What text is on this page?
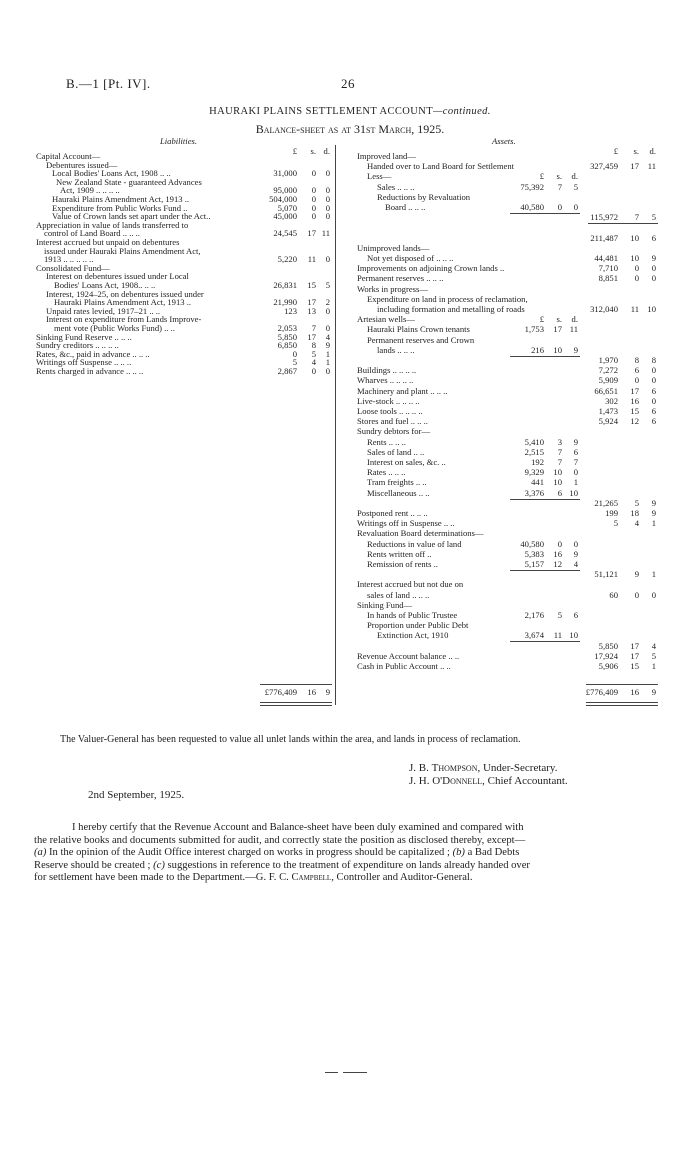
B.—1 [Pt. IV].	26
HAURAKI PLAINS SETTLEMENT ACCOUNT—continued.
Balance-sheet as at 31st March, 1925.
Liabilities.	Assets.
£	s. d.	£	s.	d.
Capital Account—
Debentures issued—
Local Bodies' Loans Act, 1908 .. ..	31,000	0	0
New Zealand State - guaranteed Advances
Act, 1909 .. .. .. ..	95,000	0	0
Hauraki Plains Amendment Act, 1913 ..	504,000	0	0
Expenditure from Public Works Fund ..	5,070	0	0
Value of Crown lands set apart under the Act..	45,000	0	0
Appreciation in value of lands transferred to
control of Land Board .. .. ..	24,545	17 11
Interest accrued but unpaid on debentures
issued under Hauraki Plains Amendment Act,
1913 .. .. .. .. ..	5,220	11	0
Consolidated Fund—
Interest on debentures issued under Local
Bodies' Loans Act, 1908.. .. ..	26,831	15	5
Interest, 1924–25, on debentures issued under
Hauraki Plains Amendment Act, 1913 ..	21,990	17	2
Unpaid rates levied, 1917–21 .. ..	123	13	0
Interest on expenditure from Lands Improve-
ment vote (Public Works Fund) .. ..	2,053	7	0
Sinking Fund Reserve .. .. ..	5,850	17	4
Sundry creditors .. .. .. ..	6,850	8	9
Rates, &c., paid in advance .. .. ..	0	5	1
Writings off Suspense .. .. ..	5	4	1
Rents charged in advance .. .. ..	2,867	0	0
£776,409	16	9
Improved land—
Handed over to Land Board for Settlement	327,459	17	11
Less—	£	s.	d.
Sales .. .. ..	75,392	7	5
Reductions by Revaluation
Board .. .. ..	40,580	0	0
115,972	7	5
211,487	10	6
Unimproved lands—
Not yet disposed of .. .. ..	44,481	10	9
Improvements on adjoining Crown lands ..	7,710	0	0
Permanent reserves .. .. ..	8,851	0	0
Works in progress—
Expenditure on land in process of reclamation,
including formation and metalling of roads	312,040	11 10
Artesian wells—	£	s.	d.
Hauraki Plains Crown tenants	1,753	17 11
Permanent reserves and Crown
lands .. .. ..	216	10	9
1,970	8	8
Buildings .. .. .. ..	7,272	6	0
Wharves .. .. .. ..	5,909	0	0
Machinery and plant .. .. ..	66,651	17	6
Live-stock .. .. .. ..	302	16	0
Loose tools .. .. .. ..	1,473	15	6
Stores and fuel .. .. ..	5,924	12	6
Sundry debtors for—
Rents .. .. ..	5,410	3	9
Sales of land .. ..	2,515	7	6
Interest on sales, &c. ..	192	7	7
Rates .. .. ..	9,329	10	0
Tram freights .. ..	441	10	1
Miscellaneous .. ..	3,376	6 10
21,265	5	9
Postponed rent .. .. ..	199	18	9
Writings off in Suspense .. ..	5	4	1
Revaluation Board determinations—
Reductions in value of land	40,580	0	0
Rents written off ..	5,383	16	9
Remission of rents ..	5,157	12	4
51,121	9	1
Interest accrued but not due on
sales of land .. .. ..	60	0	0
Sinking Fund—
In hands of Public Trustee	2,176	5	6
Proportion under Public Debt
Extinction Act, 1910	3,674	11 10
5,850	17	4
Revenue Account balance .. ..	17,924	17	5
Cash in Public Account .. ..	5,906	15	1
£776,409	16	9
The Valuer-General has been requested to value all unlet lands within the area, and lands in process of reclamation.
J. B. Thompson, Under-Secretary.
J. H. O'Donnell, Chief Accountant.
2nd September, 1925.
I hereby certify that the Revenue Account and Balance-sheet have been duly examined and compared with
the relative books and documents submitted for audit, and correctly state the position as disclosed thereby, except—
(a) In the opinion of the Audit Office interest charged on works in progress should be capitalized ; (b) a Bad Debts
Reserve should be created ; (c) suggestions in reference to the treatment of expenditure on lands already handed over
for settlement have been made to the Department.—G. F. C. Campbell, Controller and Auditor-General.
